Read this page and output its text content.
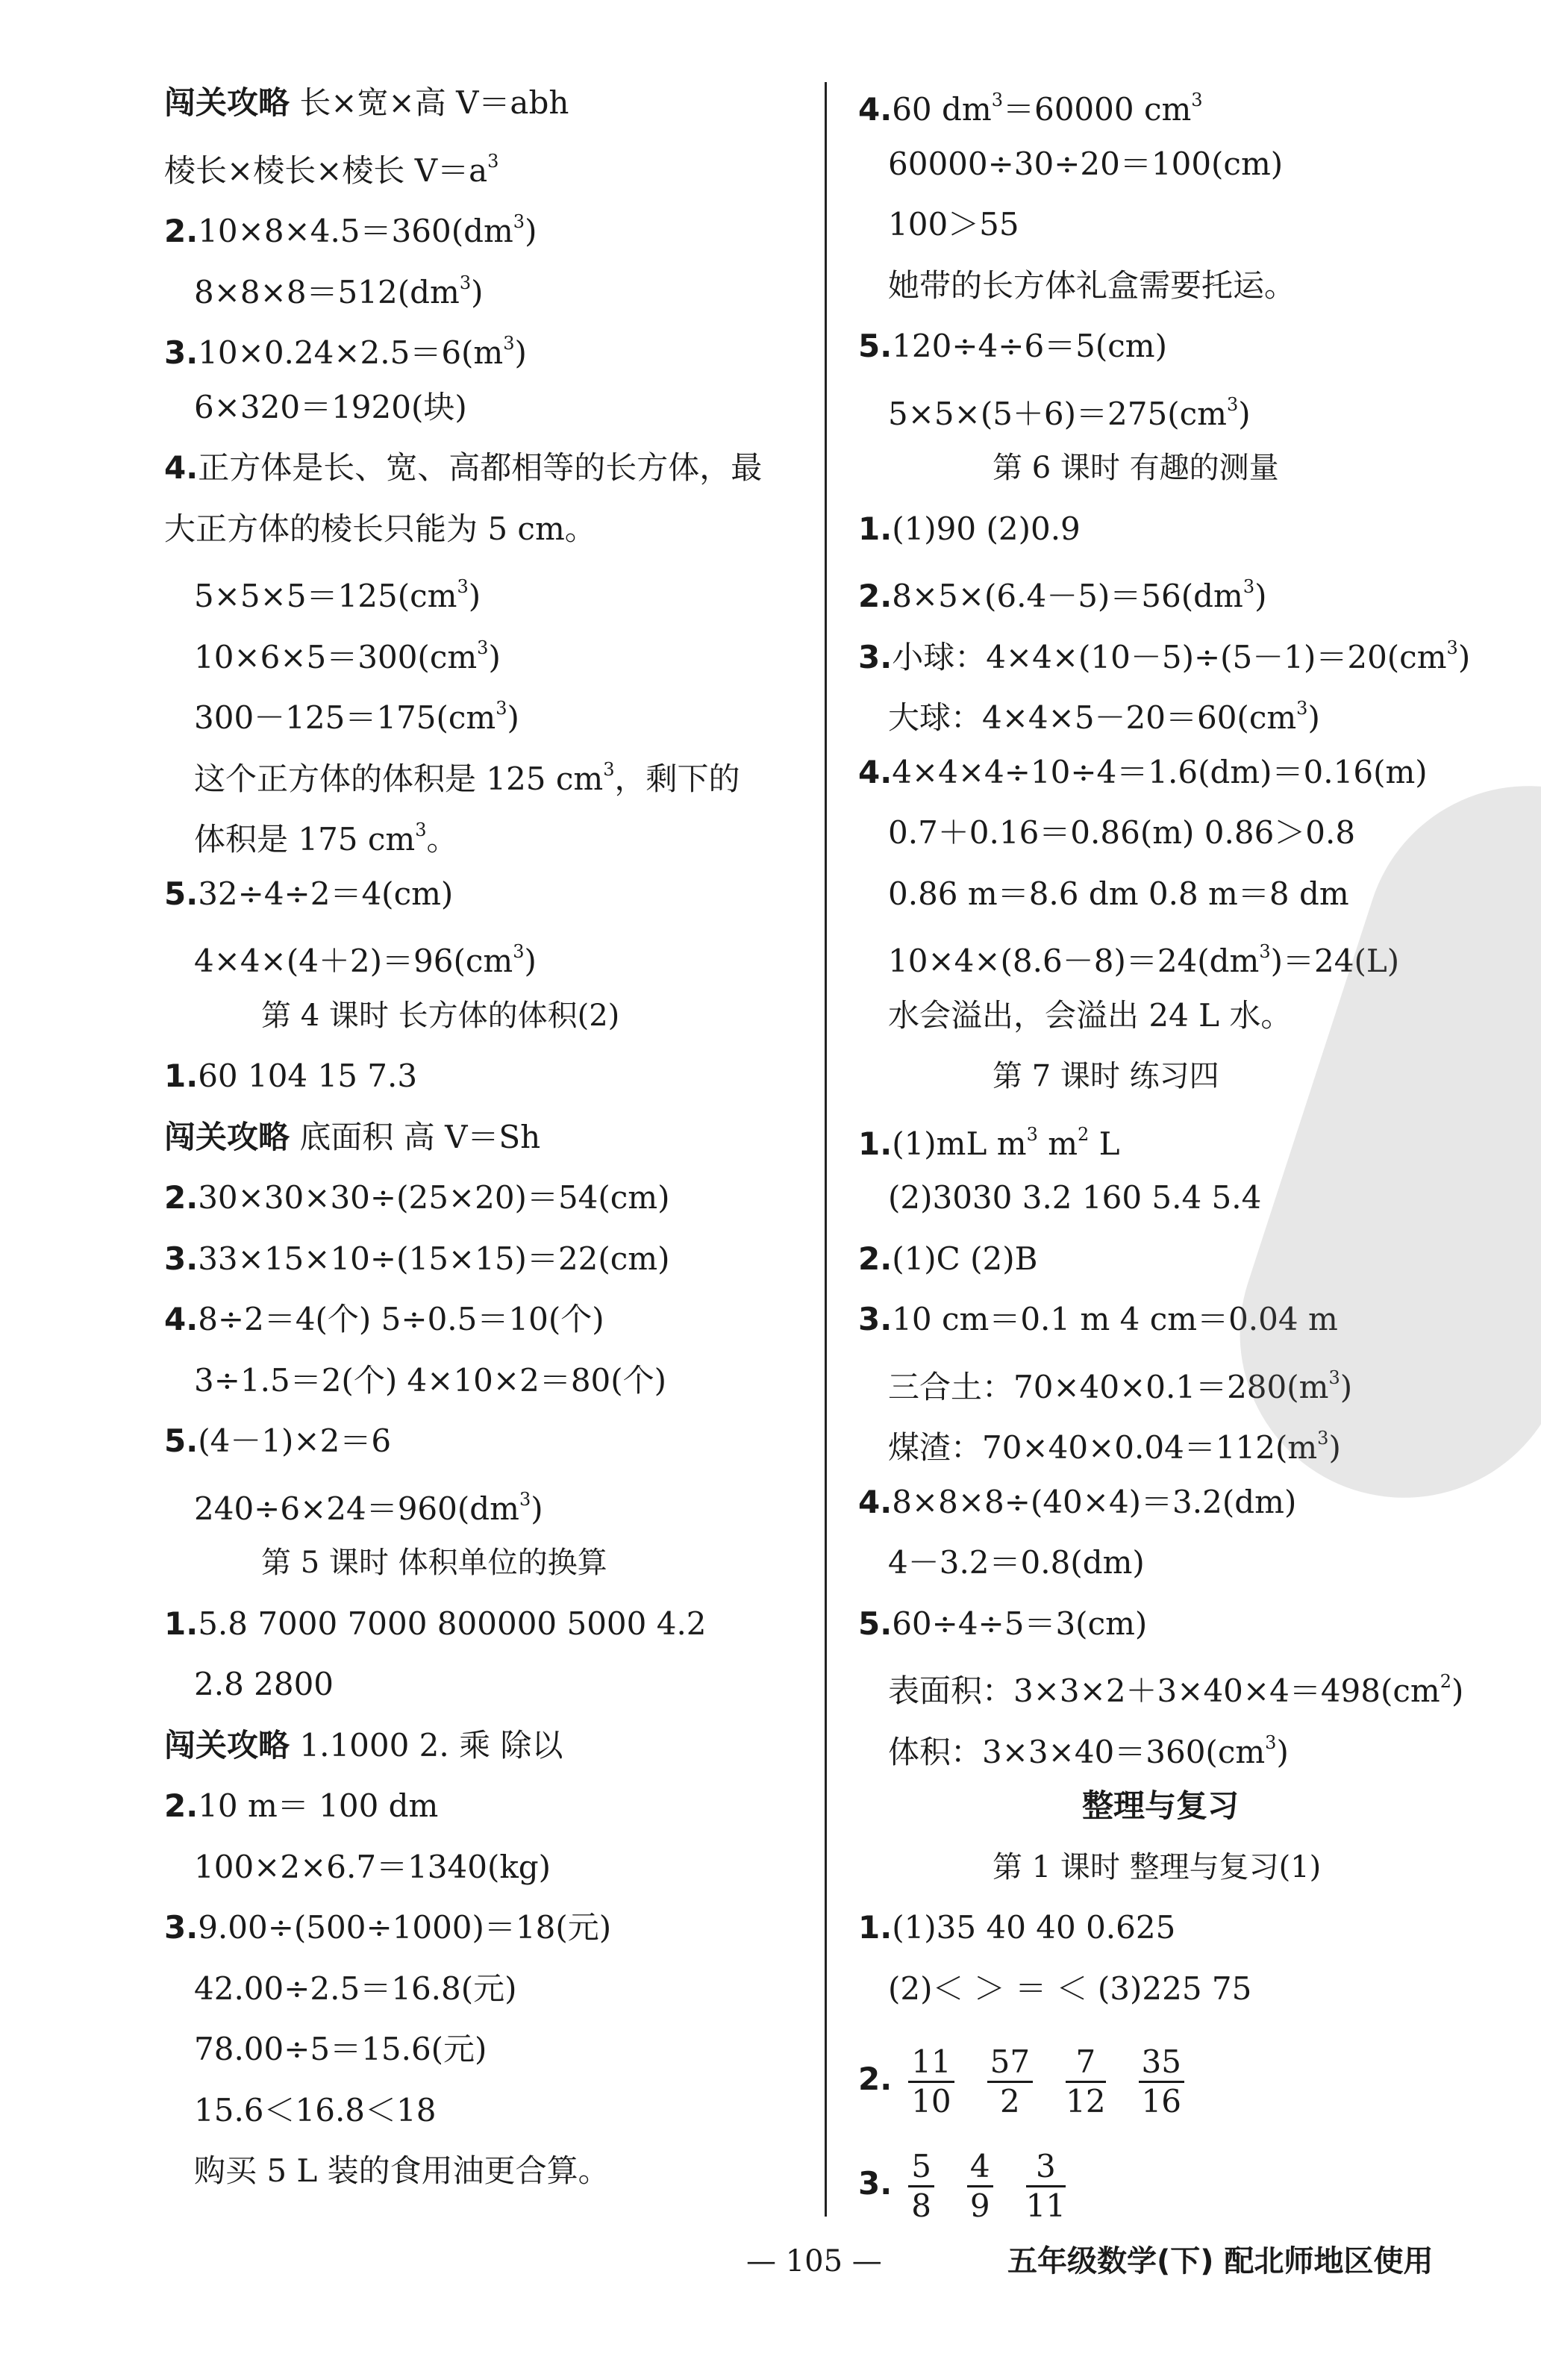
闯关攻略 长×宽×高 V＝abh
棱长×棱长×棱长 $V=a^3$
$2.10\times 8\times 4.5=360(dm^3)$
$8\times 8\times 8=512(dm^3)$
$3.10\times 0.24\times 2.5=6(m^3)$
6×320＝1920(块)
4.正方体是长、宽、高都相等的长方体，最
大正方体的棱长只能为 5 cm。
$5\times 5\times 5=125(cm^3)$
$10\times 6\times 5=300(cm^3)$
$300-125=175(cm^3)$
这个正方体的体积是 125 $cm^3$，剩下的
体积是 175 $cm^3$。
5.32÷4÷2＝4(cm)
$4\times 4\times(4+2)=96(cm^3)$
第 4 课时 长方体的体积(2)
1.60 104 15 7.3
闯关攻略 底面积 高 V＝Sh
2.30×30×30÷(25×20)＝54(cm)
3.33×15×10÷(15×15)＝22(cm)
4.8÷2＝4(个) 5÷0.5＝10(个)
3÷1.5＝2(个) 4×10×2＝80(个)
5.(4－1)×2＝6
$240\div 6\times 24=960(dm^3)$
第 5 课时 体积单位的换算
1.5.8 7000 7000 800000 5000 4.2
2.8 2800
闯关攻略 1.1000 2. 乘 除以
2.10 m＝ 100 dm
100×2×6.7＝1340(kg)
3.9.00÷(500÷1000)＝18(元)
42.00÷2.5＝16.8(元)
78.00÷5＝15.6(元)
15.6＜16.8＜18
购买 5 L 装的食用油更合算。
4.60 $dm^3=60000$ $cm^3$
60000÷30÷20＝100(cm)
100＞55
她带的长方体礼盒需要托运。
5.120÷4÷6＝5(cm)
$5\times 5\times(5+6)=275(cm^3)$
第 6 课时 有趣的测量
1.(1)90 (2)0.9
$2.8\times 5\times(6.4-5)=56(dm^3)$
3.小球：$4\times 4\times(10-5)\div(5-1)=20(cm^3)$
大球：$4\times 4\times 5-20=60(cm^3)$
4.4×4×4÷10÷4＝1.6(dm)＝0.16(m)
0.7＋0.16＝0.86(m) 0.86＞0.8
0.86 m＝8.6 dm 0.8 m＝8 dm
$10\times 4\times(8.6-8)=24(dm^3)=24(L)$
水会溢出，会溢出 24 L 水。
第 7 课时 练习四
1.(1)mL $m^3$ $m^2$ L
(2)3030 3.2 160 5.4 5.4
2.(1)C (2)B
3.10 cm＝0.1 m 4 cm＝0.04 m
三合土：$70\times 40\times 0.1=280(m^3)$
煤渣：$70\times 40\times 0.04=112(m^3)$
4.8×8×8÷(40×4)＝3.2(dm)
4－3.2＝0.8(dm)
5.60÷4÷5＝3(cm)
表面积：$3\times 3\times 2+3\times 40\times 4=498(cm^2)$
体积：$3\times 3\times 40=360(cm^3)$
整理与复习
第 1 课时 整理与复习(1)
1.(1)35 40 40 0.625
(2)＜ ＞ ＝ ＜ (3)225 75
2. $\frac{11}{10} \frac{57}{2} \frac{7}{12} \frac{35}{16}$
3. $\frac{5}{8} \frac{4}{9} \frac{3}{11}$
— 105 —	五年级数学(下) 配北师地区使用
